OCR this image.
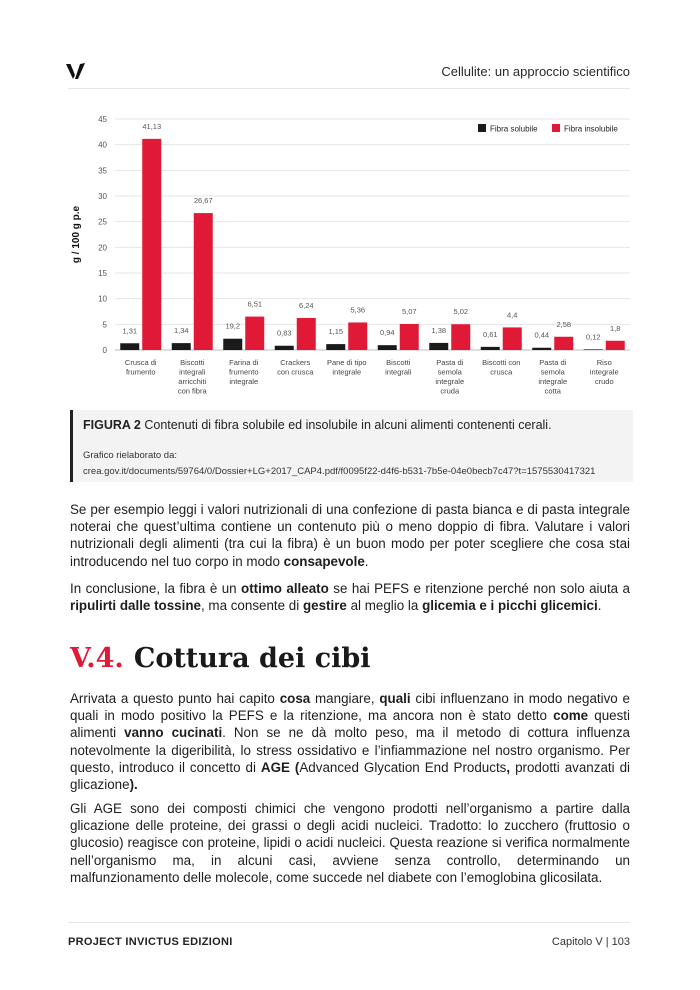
Cellulite: un approccio scientifico
0
5
10
15
20
25
30
35
40
45
g / 100 g p.e
1,31
41,13
Crusca di
frumento
1,34
26,67
Biscotti
integrali
arricchiti
con fibra
19,2
6,51
Farina di
frumento
integrale
0,83
6,24
Crackers
con crusca
1,15
5,36
Pane di tipo
integrale
0,94
5,07
Biscotti
integrali
1,38
5,02
Pasta di
semola
integrale
cruda
0,61
4,4
Biscotti con
crusca
0,44
2,58
Pasta di
semola
integrale
cotta
0,12
1,8
Riso
integrale
crudo
Fibra solubile	Fibra insolubile
FIGURA 2 Contenuti di fibra solubile ed insolubile in alcuni alimenti contenenti cerali.
Grafico rielaborato da:
crea.gov.it/documents/59764/0/Dossier+LG+2017_CAP4.pdf/f0095f22-d4f6-b531-7b5e-04e0becb7c47?t=1575530417321
Se per esempio leggi i valori nutrizionali di una confezione di pasta bianca e di pasta integrale noterai che quest’ultima contiene un contenuto più o meno doppio di fibra. Valutare i valori nutrizionali degli alimenti (tra cui la fibra) è un buon modo per poter scegliere che cosa stai introducendo nel tuo corpo in modo consapevole.
In conclusione, la fibra è un ottimo alleato se hai PEFS e ritenzione perché non solo aiuta a ripulirti dalle tossine, ma consente di gestire al meglio la glicemia e i picchi glicemici.
V.4. Cottura dei cibi
Arrivata a questo punto hai capito cosa mangiare, quali cibi influenzano in modo negativo e quali in modo positivo la PEFS e la ritenzione, ma ancora non è stato detto come questi alimenti vanno cucinati. Non se ne dà molto peso, ma il metodo di cottura influenza notevolmente la digeribilità, lo stress ossidativo e l’infiammazione nel nostro organismo. Per questo, introduco il concetto di AGE (Advanced Glycation End Products, prodotti avanzati di glicazione).
Gli AGE sono dei composti chimici che vengono prodotti nell’organismo a partire dalla glicazione delle proteine, dei grassi o degli acidi nucleici. Tradotto: lo zucchero (fruttosio o glucosio) reagisce con proteine, lipidi o acidi nucleici. Questa reazione si verifica normalmente nell’organismo ma, in alcuni casi, avviene senza controllo, determinando un malfunzionamento delle molecole, come succede nel diabete con l’emoglobina glicosilata.
PROJECT INVICTUS EDIZIONI	Capitolo V | 103
